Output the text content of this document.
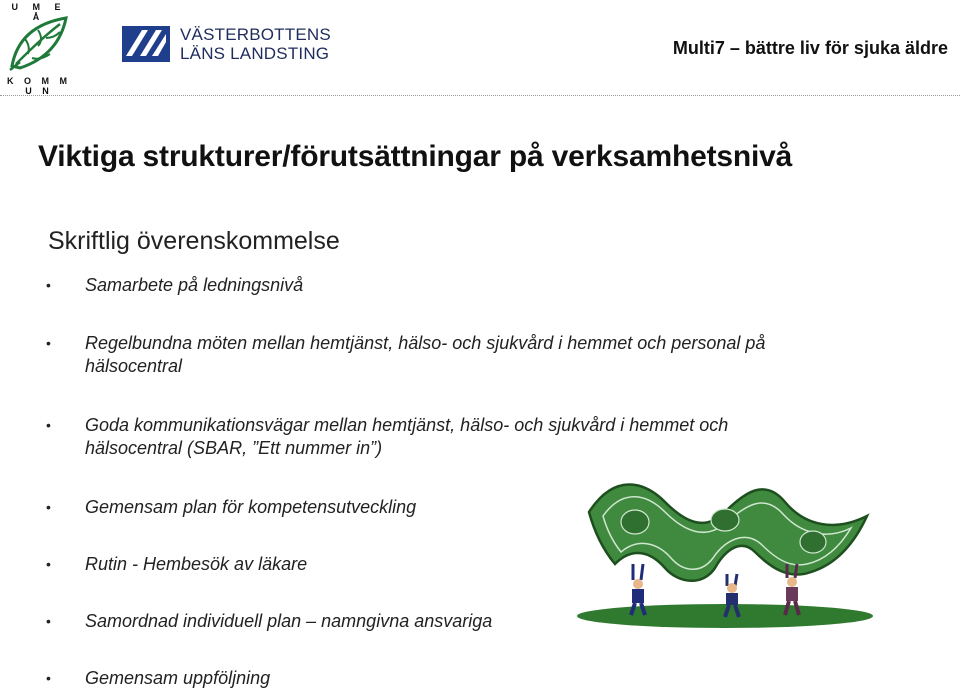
U M E Å
K O M M U N
VÄSTERBOTTENS
LÄNS LANDSTING	Multi7 – bättre liv för sjuka äldre
Viktiga strukturer/förutsättningar på verksamhetsnivå
Skriftlig överenskommelse
• Samarbete på ledningsnivå
• Regelbundna möten mellan hemtjänst, hälso- och sjukvård i hemmet och personal på hälsocentral
• Goda kommunikationsvägar mellan hemtjänst, hälso- och sjukvård i hemmet och hälsocentral (SBAR, ”Ett nummer in”)
• Gemensam plan för kompetensutveckling
• Rutin - Hembesök av läkare
• Samordnad individuell plan – namngivna ansvariga
• Gemensam uppföljning
